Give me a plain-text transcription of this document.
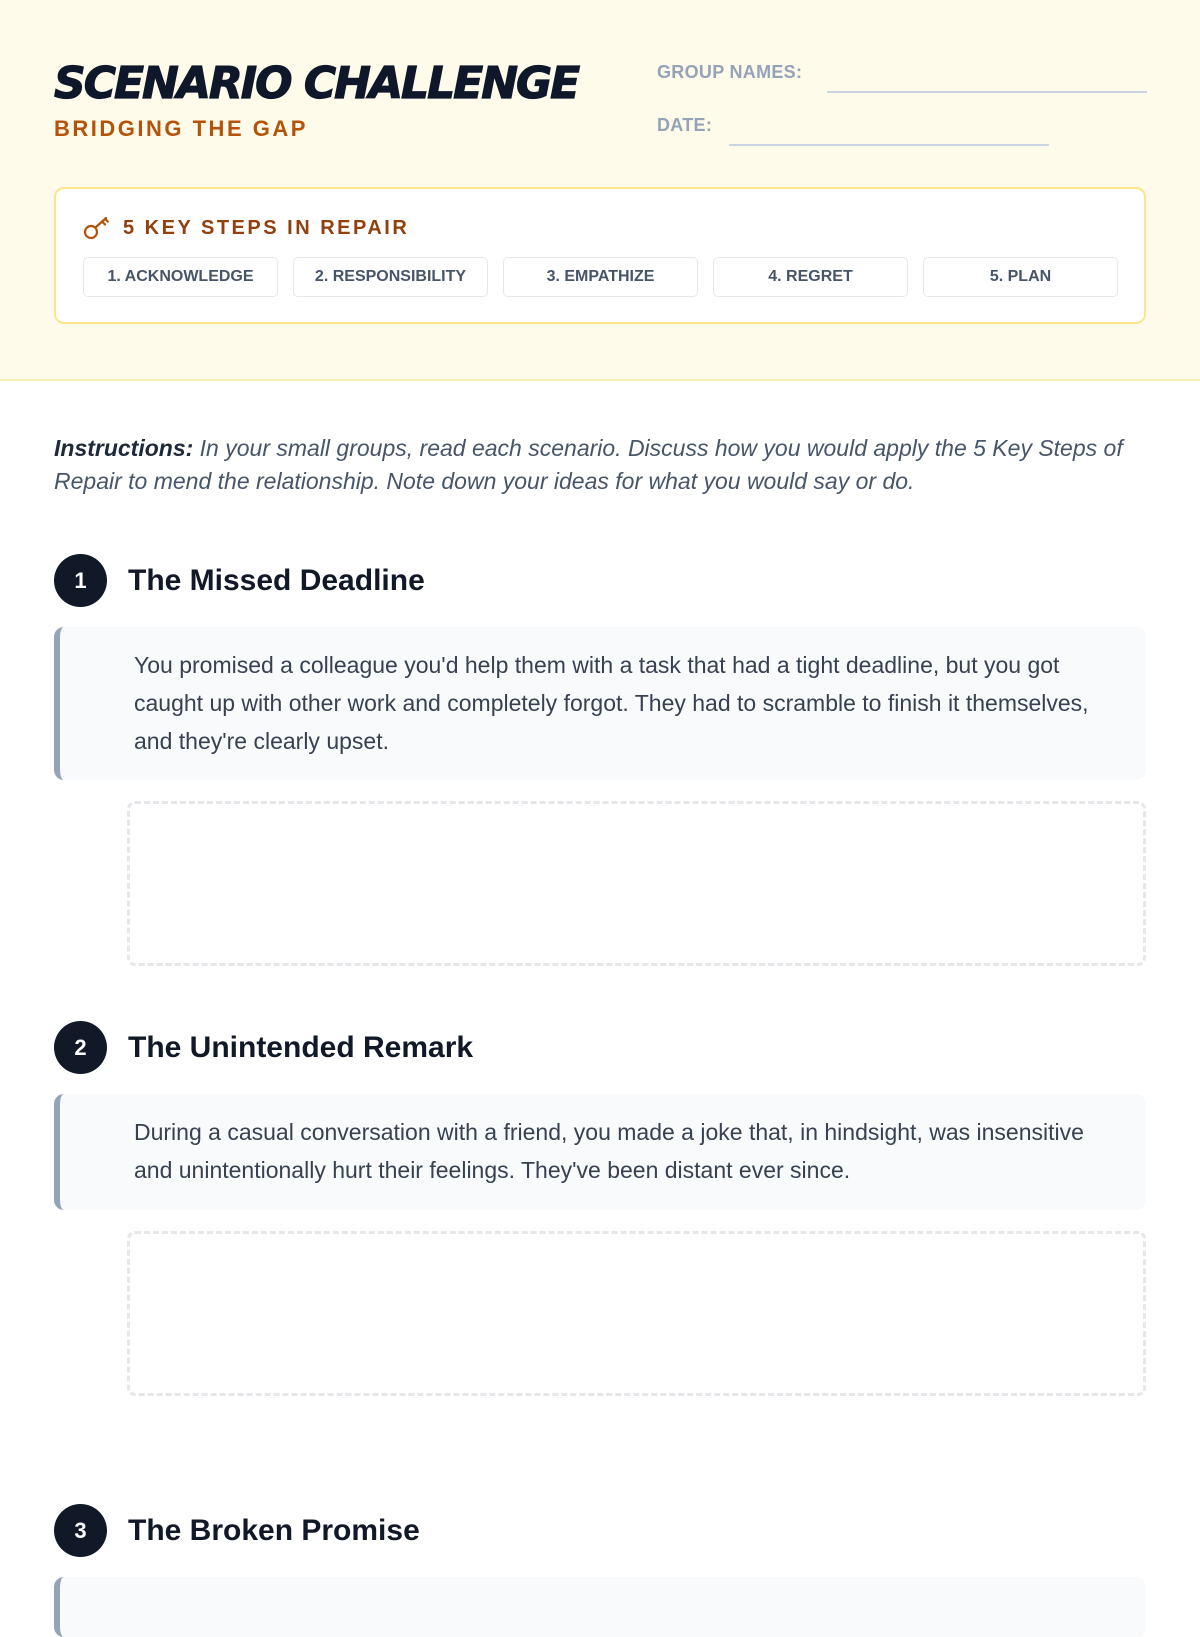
SCENARIO CHALLENGE
BRIDGING THE GAP
GROUP NAMES:
DATE:
5 KEY STEPS IN REPAIR
1. ACKNOWLEDGE	2. RESPONSIBILITY	3. EMPATHIZE	4. REGRET	5. PLAN

Instructions: In your small groups, read each scenario. Discuss how you would apply the 5 Key Steps of Repair to mend the relationship. Note down your ideas for what you would say or do.

1	The Missed Deadline

You promised a colleague you'd help them with a task that had a tight deadline, but you got caught up with other work and completely forgot. They had to scramble to finish it themselves, and they're clearly upset.

2	The Unintended Remark

During a casual conversation with a friend, you made a joke that, in hindsight, was insensitive and unintentionally hurt their feelings. They've been distant ever since.

3	The Broken Promise
